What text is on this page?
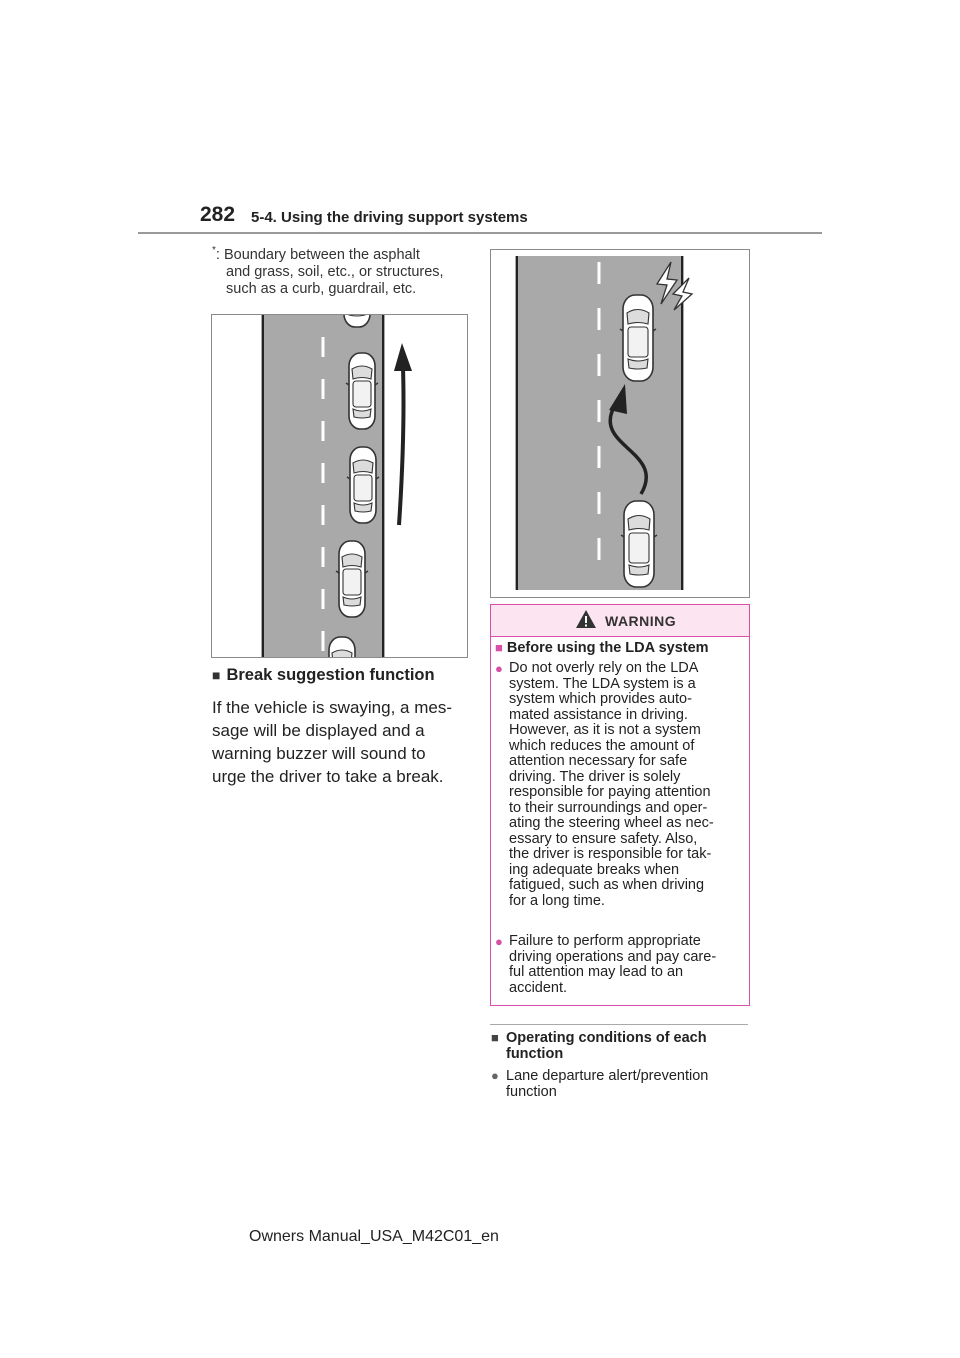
282 5-4. Using the driving support systems
*: Boundary between the asphalt
and grass, soil, etc., or structures,
such as a curb, guardrail, etc.
■ Break suggestion function
If the vehicle is swaying, a mes-
sage will be displayed and a
warning buzzer will sound to
urge the driver to take a break.
WARNING
■ Before using the LDA system
● Do not overly rely on the LDA
system. The LDA system is a
system which provides auto-
mated assistance in driving.
However, as it is not a system
which reduces the amount of
attention necessary for safe
driving. The driver is solely
responsible for paying attention
to their surroundings and oper-
ating the steering wheel as nec-
essary to ensure safety. Also,
the driver is responsible for tak-
ing adequate breaks when
fatigued, such as when driving
for a long time.
● Failure to perform appropriate
driving operations and pay care-
ful attention may lead to an
accident.
■ Operating conditions of each
function
● Lane departure alert/prevention
function
Owners Manual_USA_M42C01_en
